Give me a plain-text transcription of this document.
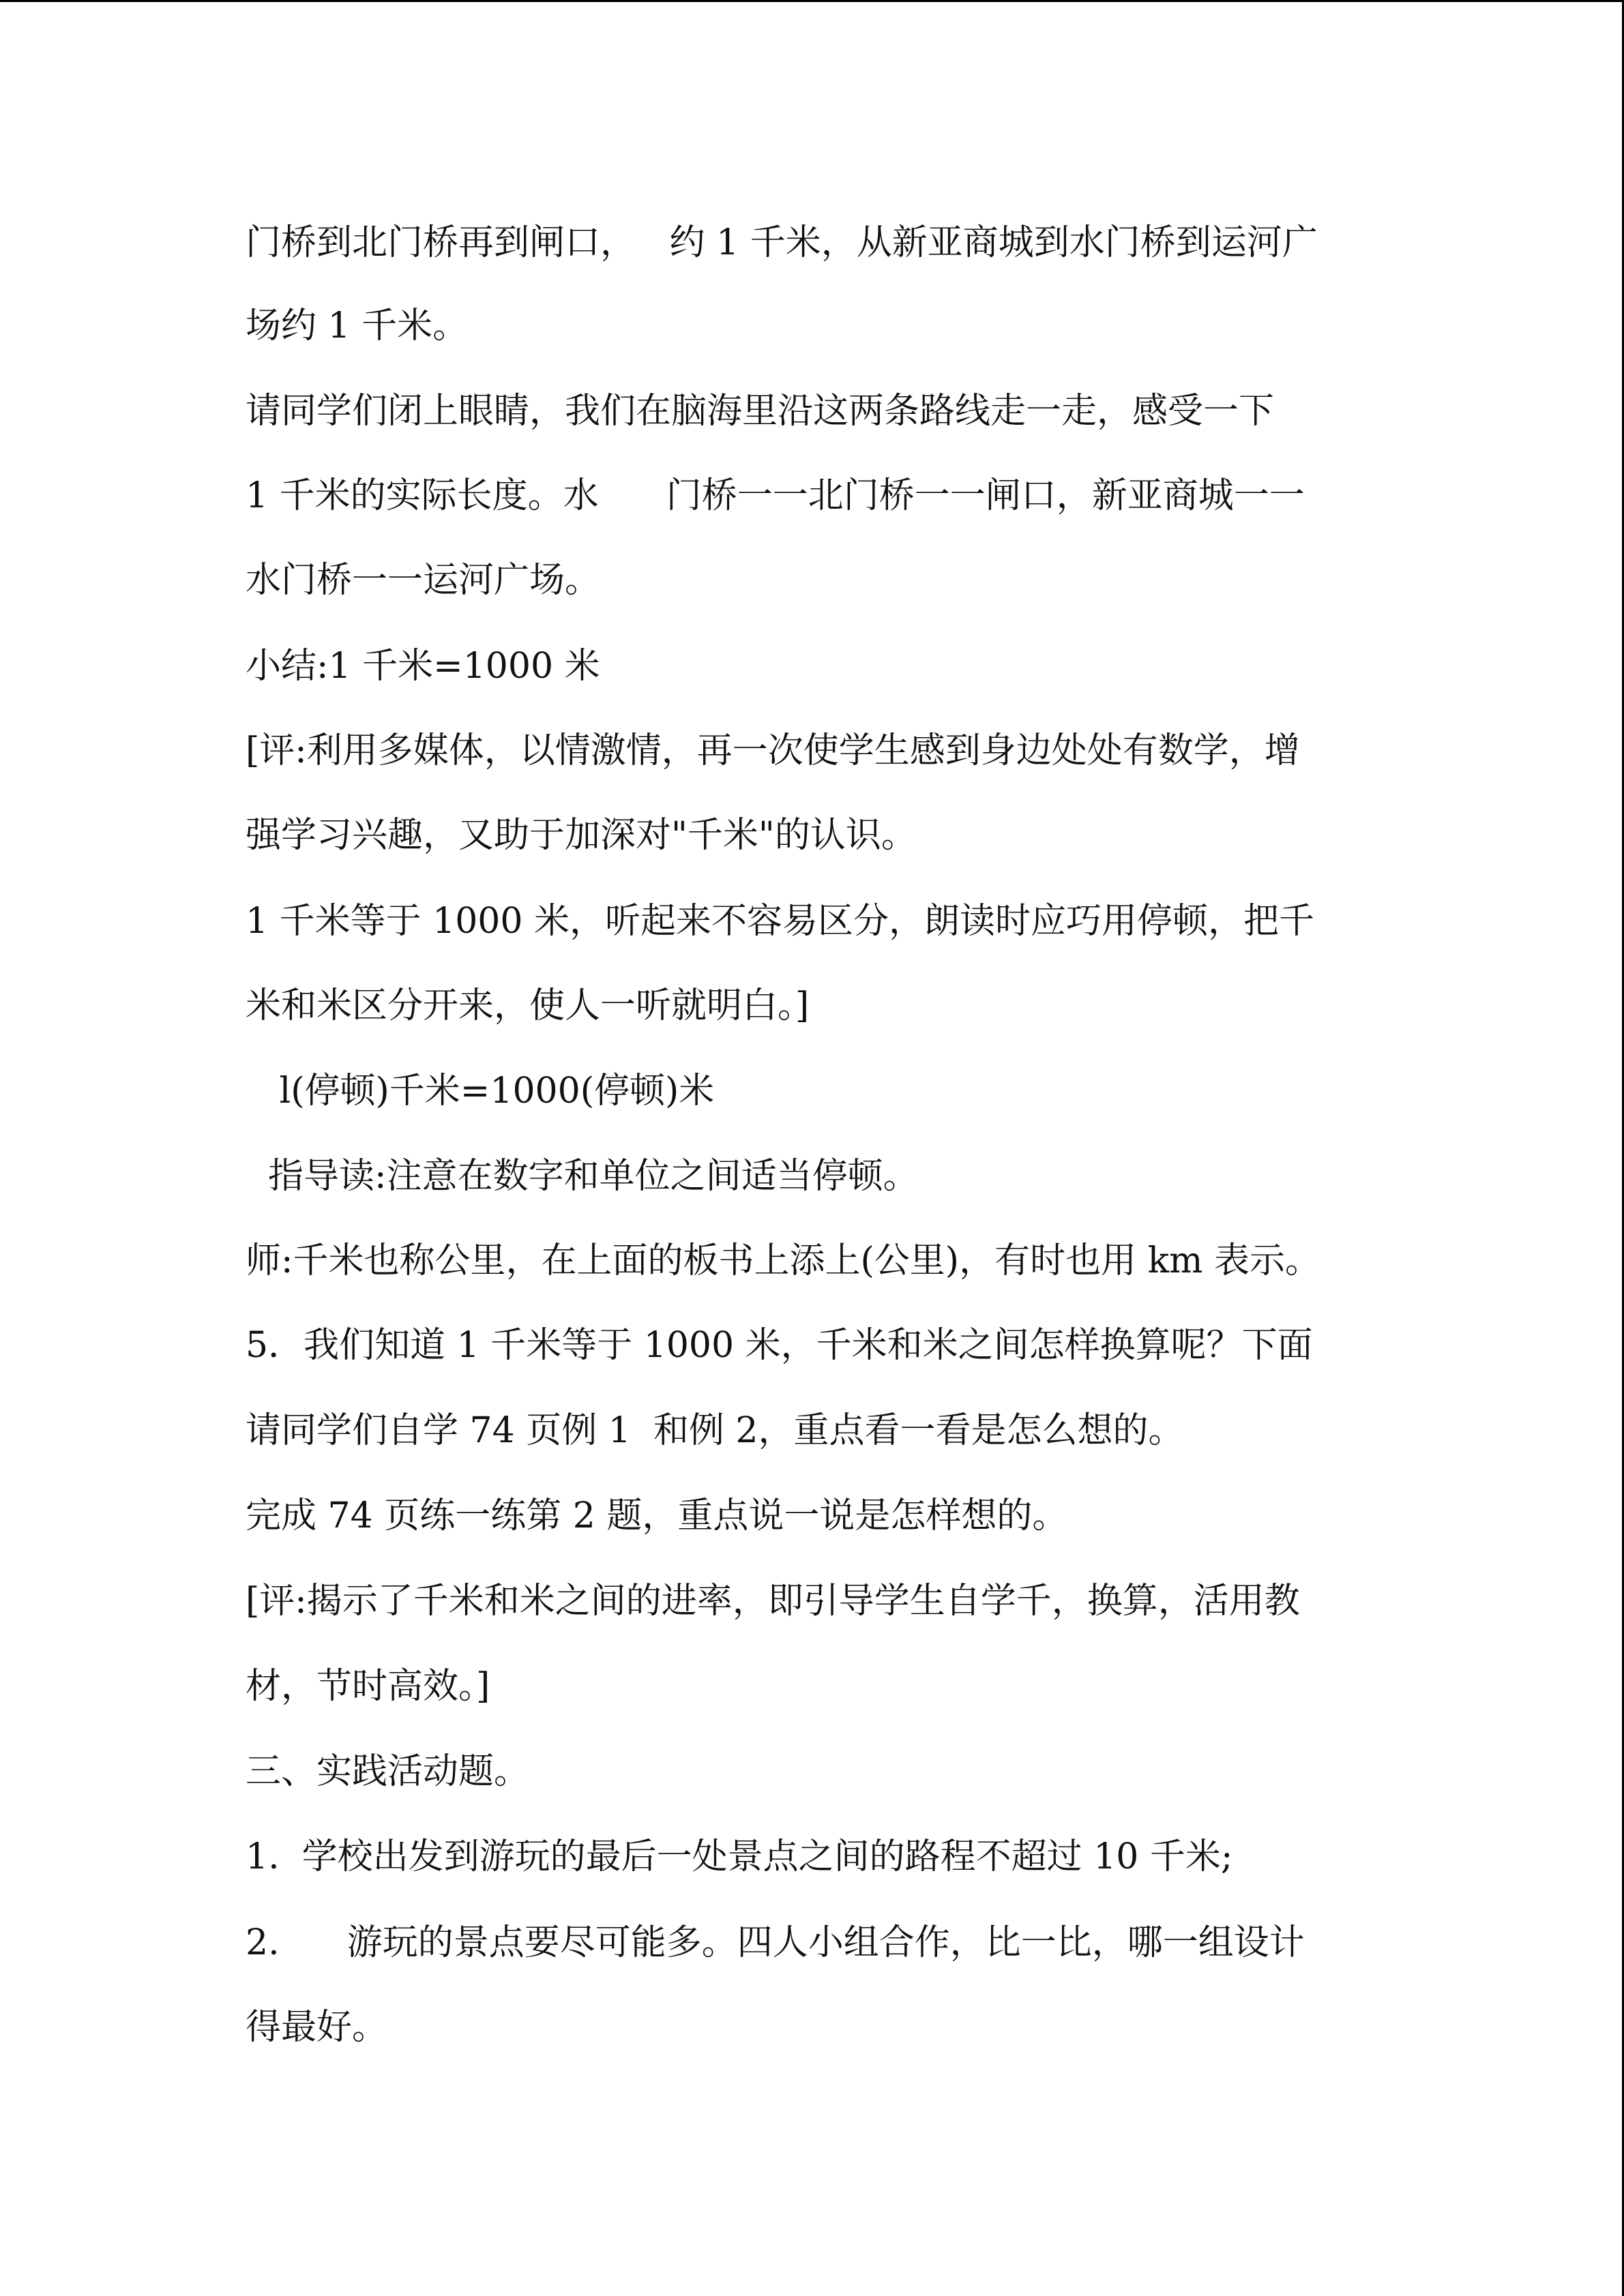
门桥到北门桥再到闸口，   约 1 千米，从新亚商城到水门桥到运河广
场约 1 千米。
请同学们闭上眼睛，我们在脑海里沿这两条路线走一走，感受一下
1 千米的实际长度。水      门桥一一北门桥一一闸口，新亚商城一一
水门桥一一运河广场。
小结:1 千米=1000 米
[评:利用多媒体，以情激情，再一次使学生感到身边处处有数学，增
强学习兴趣，又助于加深对"千米"的认识。
1 千米等于 1000 米，听起来不容易区分，朗读时应巧用停顿，把千
米和米区分开来，使人一听就明白。]
l(停顿)千米=1000(停顿)米
指导读:注意在数字和单位之间适当停顿。
师:千米也称公里，在上面的板书上添上(公里)，有时也用 km 表示。
5．我们知道 1 千米等于 1000 米，千米和米之间怎样换算呢？下面
请同学们自学 74 页例 1  和例 2，重点看一看是怎么想的。
完成 74 页练一练第 2 题，重点说一说是怎样想的。
[评:揭示了千米和米之间的进率，即引导学生自学千，换算，活用教
材，节时高效。]
三、实践活动题。
1.  学校出发到游玩的最后一处景点之间的路程不超过 10 千米;
2.      游玩的景点要尽可能多。四人小组合作，比一比，哪一组设计
得最好。
